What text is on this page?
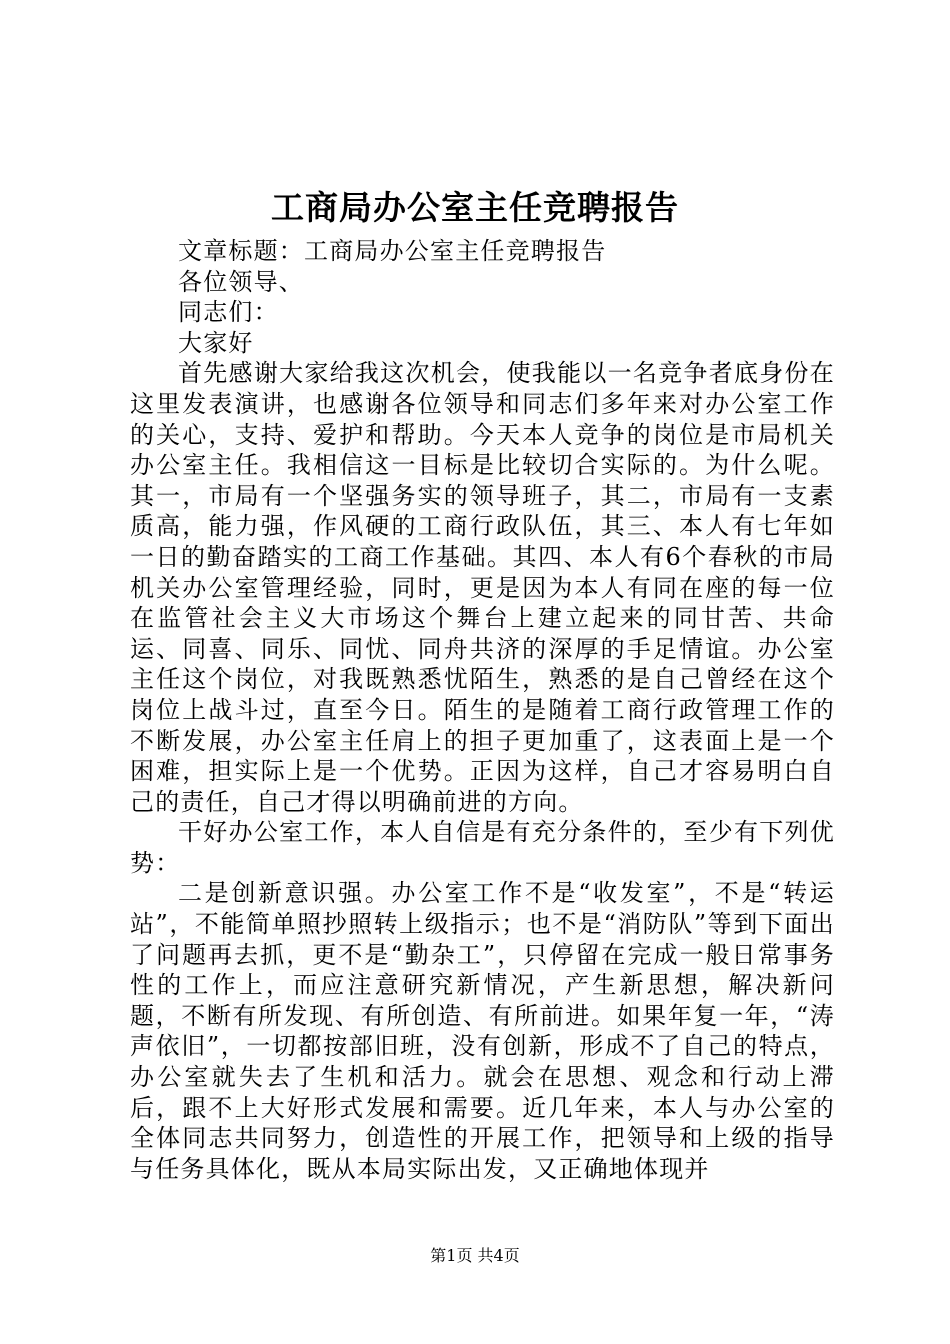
工商局办公室主任竞聘报告

文章标题：工商局办公室主任竞聘报告

各位领导、

同志们：

大家好

首先感谢大家给我这次机会，使我能以一名竞争者底身份在这里发表演讲，也感谢各位领导和同志们多年来对办公室工作的关心，支持、爱护和帮助。今天本人竞争的岗位是市局机关办公室主任。我相信这一目标是比较切合实际的。为什么呢。其一，市局有一个坚强务实的领导班子，其二，市局有一支素质高，能力强，作风硬的工商行政队伍，其三、本人有七年如一日的勤奋踏实的工商工作基础。其四、本人有6个春秋的市局机关办公室管理经验，同时，更是因为本人有同在座的每一位在监管社会主义大市场这个舞台上建立起来的同甘苦、共命运、同喜、同乐、同忧、同舟共济的深厚的手足情谊。办公室主任这个岗位，对我既熟悉忧陌生，熟悉的是自己曾经在这个岗位上战斗过，直至今日。陌生的是随着工商行政管理工作的不断发展，办公室主任肩上的担子更加重了，这表面上是一个困难，担实际上是一个优势。正因为这样，自己才容易明白自己的责任，自己才得以明确前进的方向。

干好办公室工作，本人自信是有充分条件的，至少有下列优势：

二是创新意识强。办公室工作不是“收发室”，不是“转运站”，不能简单照抄照转上级指示；也不是“消防队”等到下面出了问题再去抓，更不是“勤杂工”，只停留在完成一般日常事务性的工作上，而应注意研究新情况，产生新思想，解决新问题，不断有所发现、有所创造、有所前进。如果年复一年，“涛声依旧”，一切都按部旧班，没有创新，形成不了自己的特点，办公室就失去了生机和活力。就会在思想、观念和行动上滞后，跟不上大好形式发展和需要。近几年来，本人与办公室的全体同志共同努力，创造性的开展工作，把领导和上级的指导与任务具体化，既从本局实际出发，又正确地体现并

第1页 共4页
